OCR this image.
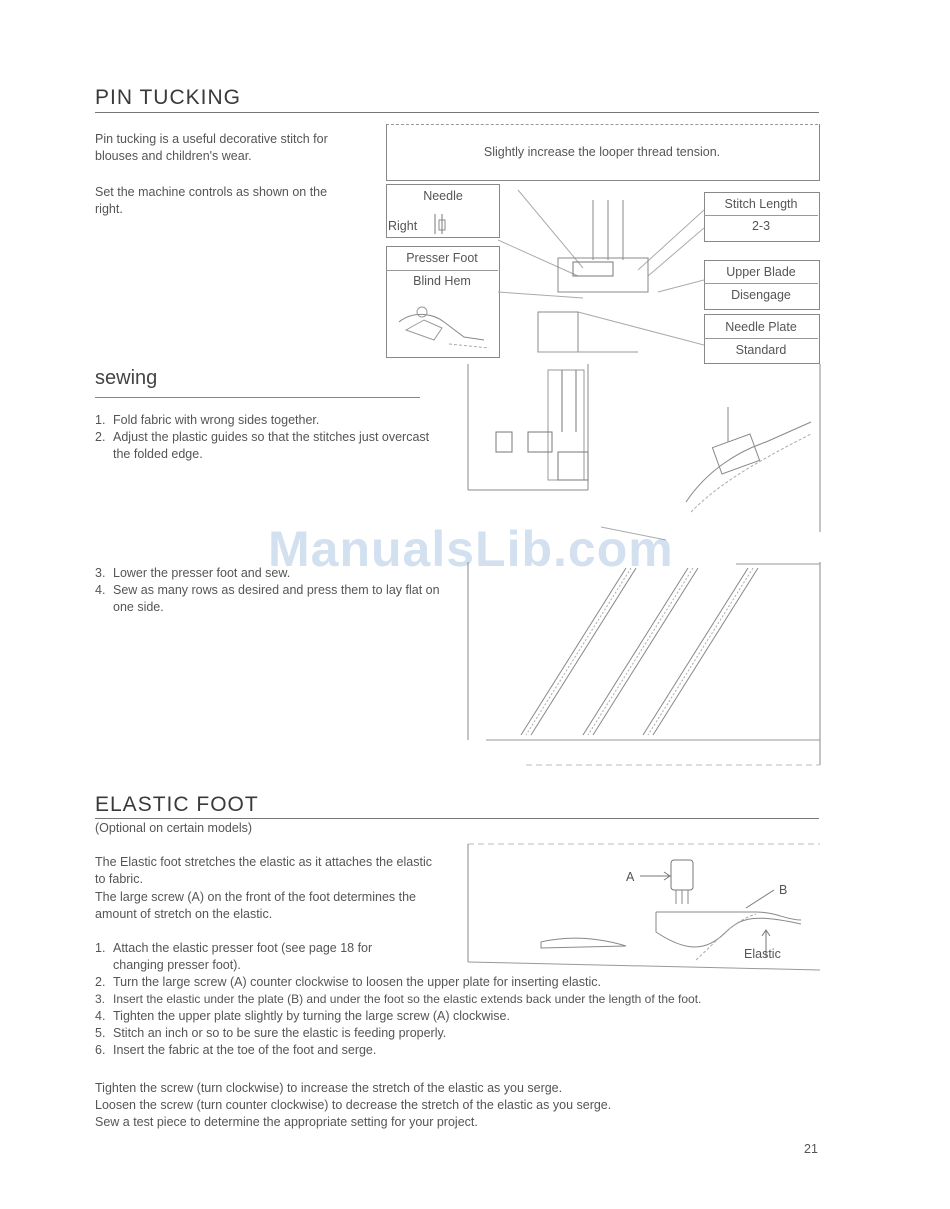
PIN TUCKING
Pin tucking is a useful decorative stitch for blouses and children's wear.
Set the machine controls as shown on the right.
Slightly increase the looper thread tension.
Needle
Right
Presser Foot
Blind Hem
Stitch Length
2-3
Upper Blade
Disengage
Needle Plate
Standard
sewing
1. Fold fabric with wrong sides together.
2. Adjust the plastic guides so that the stitches just overcast the folded edge.
3. Lower the presser foot and sew.
4. Sew as many rows as desired and press them to lay flat on one side.
ELASTIC FOOT
(Optional on certain models)
The Elastic foot stretches the elastic as it attaches the elastic to fabric.
The large screw (A) on the front of the foot determines the amount of stretch on the elastic.
A
B
Elastic
1. Attach the elastic presser foot (see page 18 for changing presser foot).
2. Turn the large screw (A) counter clockwise to loosen the upper plate for inserting elastic.
3. Insert the elastic under the plate (B) and under the foot so the elastic extends back under the length of the foot.
4. Tighten the upper plate slightly by turning the large screw (A) clockwise.
5. Stitch an inch or so to be sure the elastic is feeding properly.
6. Insert the fabric at the toe of the foot and serge.
Tighten the screw (turn clockwise) to increase the stretch of the elastic as you serge.
Loosen the screw (turn counter clockwise) to decrease the stretch of the elastic as you serge.
Sew a test piece to determine the appropriate setting for your project.
21
ManualsLib.com
